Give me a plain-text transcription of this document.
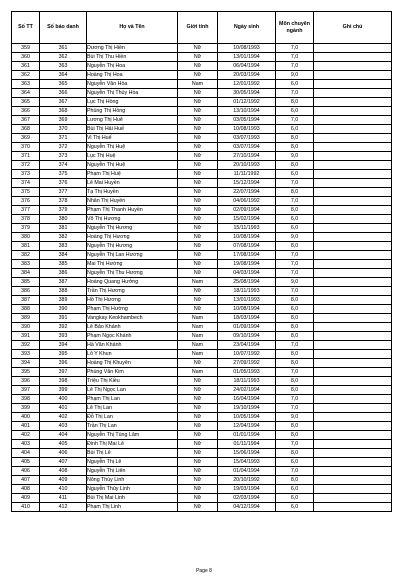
Số TT	Số báo danh	Họ và Tên	Giới tính	Ngày sinh	Môn chuyên ngành	Ghi chú
359	361	Dương Thị Hiền	Nữ	10/08/1993	7,0	
360	362	Bùi Thị Thu Hiền	Nữ	13/01/1994	7,0	
361	363	Nguyễn Thị Hoa	Nữ	06/04/1994	7,0	
362	364	Hoàng Thị Hoa	Nữ	20/03/1994	9,0	
363	365	Nguyễn Văn Hòa	Nam	12/01/1992	6,0	
364	366	Nguyễn Thị Thúy Hòa	Nữ	30/05/1994	7,0	
365	367	Lục Thị Hồng	Nữ	01/12/1992	8,0	
366	368	Phùng Thị Hồng	Nữ	13/10/1994	6,0	
367	369	Lương Thị Huê	Nữ	03/05/1994	7,0	
368	370	Bùi Thị Hải Huế	Nữ	10/08/1993	6,0	
369	371	Vi Thị Huế	Nữ	03/07/1993	8,0	
370	372	Nguyễn Thị Huệ	Nữ	03/07/1994	8,0	
371	373	Lục Thị Huệ	Nữ	27/10/1994	9,0	
372	374	Nguyễn Thị Huệ	Nữ	20/10/1993	8,0	
373	375	Phạm Thị Huệ	Nữ	11/11/1992	6,0	
374	376	Lê Mai Huyền	Nữ	15/12/1994	7,0	
375	377	Tạ Thị Huyền	Nữ	22/07/1994	8,0	
376	378	Nhân Thị Huyền	Nữ	04/06/1992	7,0	
377	379	Phạm Thị Thanh Huyền	Nữ	02/09/1994	8,0	
378	380	Võ Thị Hương	Nữ	15/02/1994	6,0	
379	381	Nguyễn Thị Hương	Nữ	15/11/1993	6,0	
380	382	Hoàng Thị Hương	Nữ	10/08/1994	9,0	
381	383	Nguyễn Thị Hương	Nữ	07/08/1994	8,0	
382	384	Nguyễn Thị Lan Hương	Nữ	17/08/1994	7,0	
383	385	Mai Thị Hường	Nữ	19/08/1994	7,0	
384	386	Nguyễn Thị Thu Hương	Nữ	04/03/1994	7,0	
385	387	Hoàng Quang Hưởng	Nam	25/08/1994	9,0	
386	388	Trần Thị Hương	Nữ	18/11/1993	7,0	
387	389	Hồ Thị Hương	Nữ	13/01/1993	8,0	
388	390	Phạm Thị Hường	Nữ	10/08/1994	6,0	
389	391	Vangkay Keokhambech	Nam	18/03/1994	8,0	
390	392	Lê Bảo Khánh	Nam	01/09/1994	8,0	
391	393	Phạm Ngọc Khánh	Nam	09/10/1994	8,0	
392	394	Hà Văn Khánh	Nam	23/04/1994	7,0	
393	395	Lô Y Khun	Nam	10/07/1992	8,0	
394	396	Hoàng Thị Khuyên	Nữ	27/09/1992	8,0	
395	397	Phùng Văn Kim	Nam	01/05/1993	7,0	
396	398	Triệu Thị Kiều	Nữ	18/11/1993	8,0	
397	399	Lê Thị Ngọc Lan	Nữ	24/02/1994	8,0	
398	400	Phạm Thị Lan	Nữ	16/04/1994	7,0	
399	401	Lê Thị Lan	Nữ	19/10/1994	7,0	
400	402	Đỗ Thị Lan	Nữ	10/05/1994	9,0	
401	403	Trần Thị Lan	Nữ	12/04/1994	8,0	
402	404	Nguyễn Thị Tùng Lâm	Nữ	01/01/1994	8,0	
403	405	Đinh Thị Mai Lê	Nữ	01/11/1994	7,0	
404	406	Bùi Thị Lê	Nữ	15/06/1994	8,0	
405	407	Nguyễn Thị Lê	Nữ	15/04/1993	6,0	
406	408	Nguyễn Thị Liên	Nữ	01/04/1994	7,0	
407	409	Nông Thùy Linh	Nữ	20/10/1992	8,0	
408	410	Nguyễn Thùy Linh	Nữ	19/03/1994	6,0	
409	411	Bùi Thị Mai Linh	Nữ	02/03/1994	6,0	
410	412	Phạm Thị Linh	Nữ	04/12/1994	6,0	
Page 8
